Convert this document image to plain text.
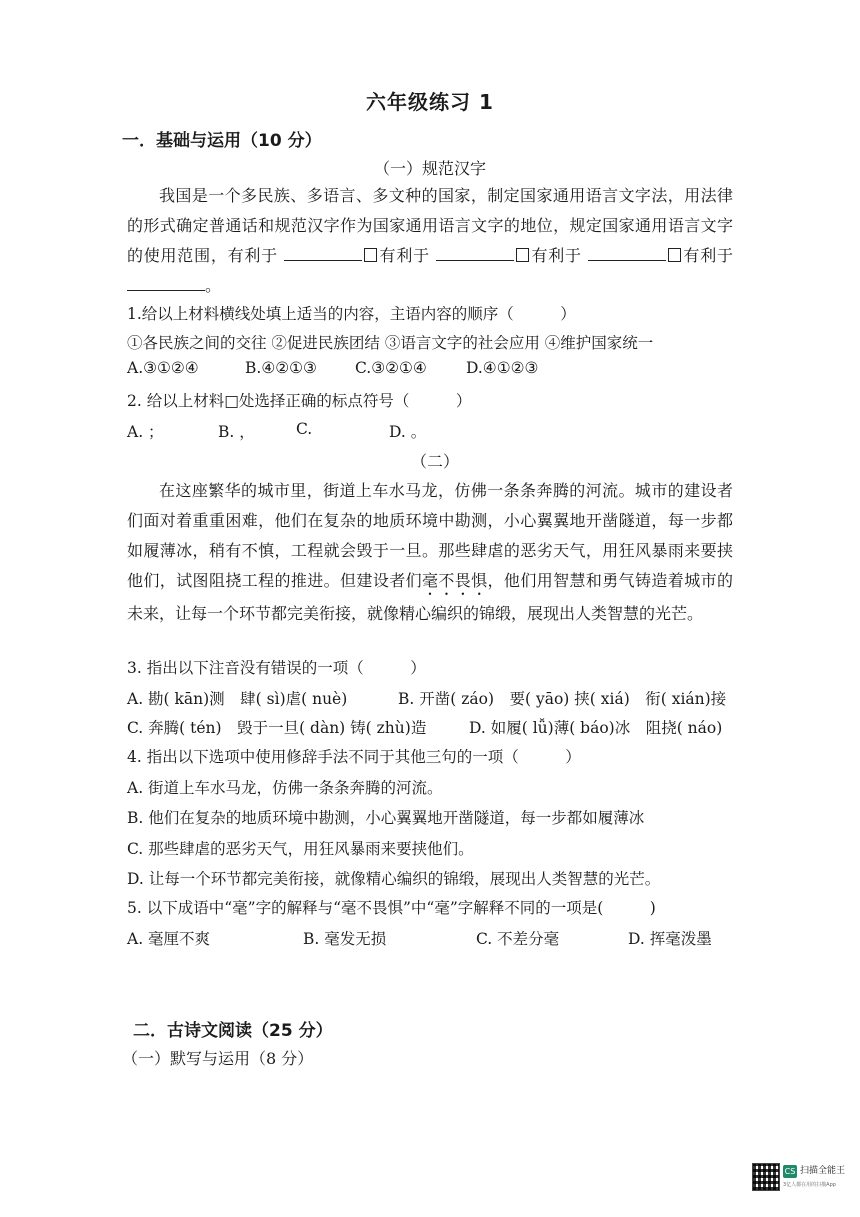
六年级练习 1
一．基础与运用（10 分）
（一）规范汉字
我国是一个多民族、多语言、多文种的国家，制定国家通用语言文字法，用法律的形式确定普通话和规范汉字作为国家通用语言文字的地位，规定国家通用语言文字的使用范围，有利于	有利于	有利于	有利于 。
1.给以上材料横线处填上适当的内容，主语内容的顺序（　　　）
①各民族之间的交往 ②促进民族团结 ③语言文字的社会应用 ④维护国家统一
A.③①②④	B.④②①③ C.③②①④	D.④①②③
2. 给以上材料□处选择正确的标点符号（　　　）
A. ；	B. ，	C.	D. 。
（二）
在这座繁华的城市里，街道上车水马龙，仿佛一条条奔腾的河流。城市的建设者们面对着重重困难，他们在复杂的地质环境中勘测，小心翼翼地开凿隧道，每一步都如履薄冰，稍有不慎，工程就会毁于一旦。那些肆虐的恶劣天气，用狂风暴雨来要挟他们，试图阻挠工程的推进。但建设者们毫不畏惧，他们用智慧和勇气铸造着城市的未来，让每一个环节都完美衔接，就像精心编织的锦缎，展现出人类智慧的光芒。
3. 指出以下注音没有错误的一项（　　　）
A. 勘( kān)测　肆( sì)虐( nuè)	B. 开凿( záo)　要( yāo) 挟( xiá)　衔( xián)接
C. 奔腾( tén)　毁于一旦( dàn) 铸( zhù)造	D. 如履( lǚ)薄( báo)冰　阻挠( náo)
4. 指出以下选项中使用修辞手法不同于其他三句的一项（　　　）
A. 街道上车水马龙，仿佛一条条奔腾的河流。
B. 他们在复杂的地质环境中勘测，小心翼翼地开凿隧道，每一步都如履薄冰
C. 那些肆虐的恶劣天气，用狂风暴雨来要挟他们。
D. 让每一个环节都完美衔接，就像精心编织的锦缎，展现出人类智慧的光芒。
5. 以下成语中“毫”字的解释与“毫不畏惧”中“毫”字解释不同的一项是(　　　)
A. 毫厘不爽	B. 毫发无损	C. 不差分毫	D. 挥毫泼墨
二．古诗文阅读（25 分）
（一）默写与运用（8 分）
CS 扫描全能王
3亿人都在用的扫描App
